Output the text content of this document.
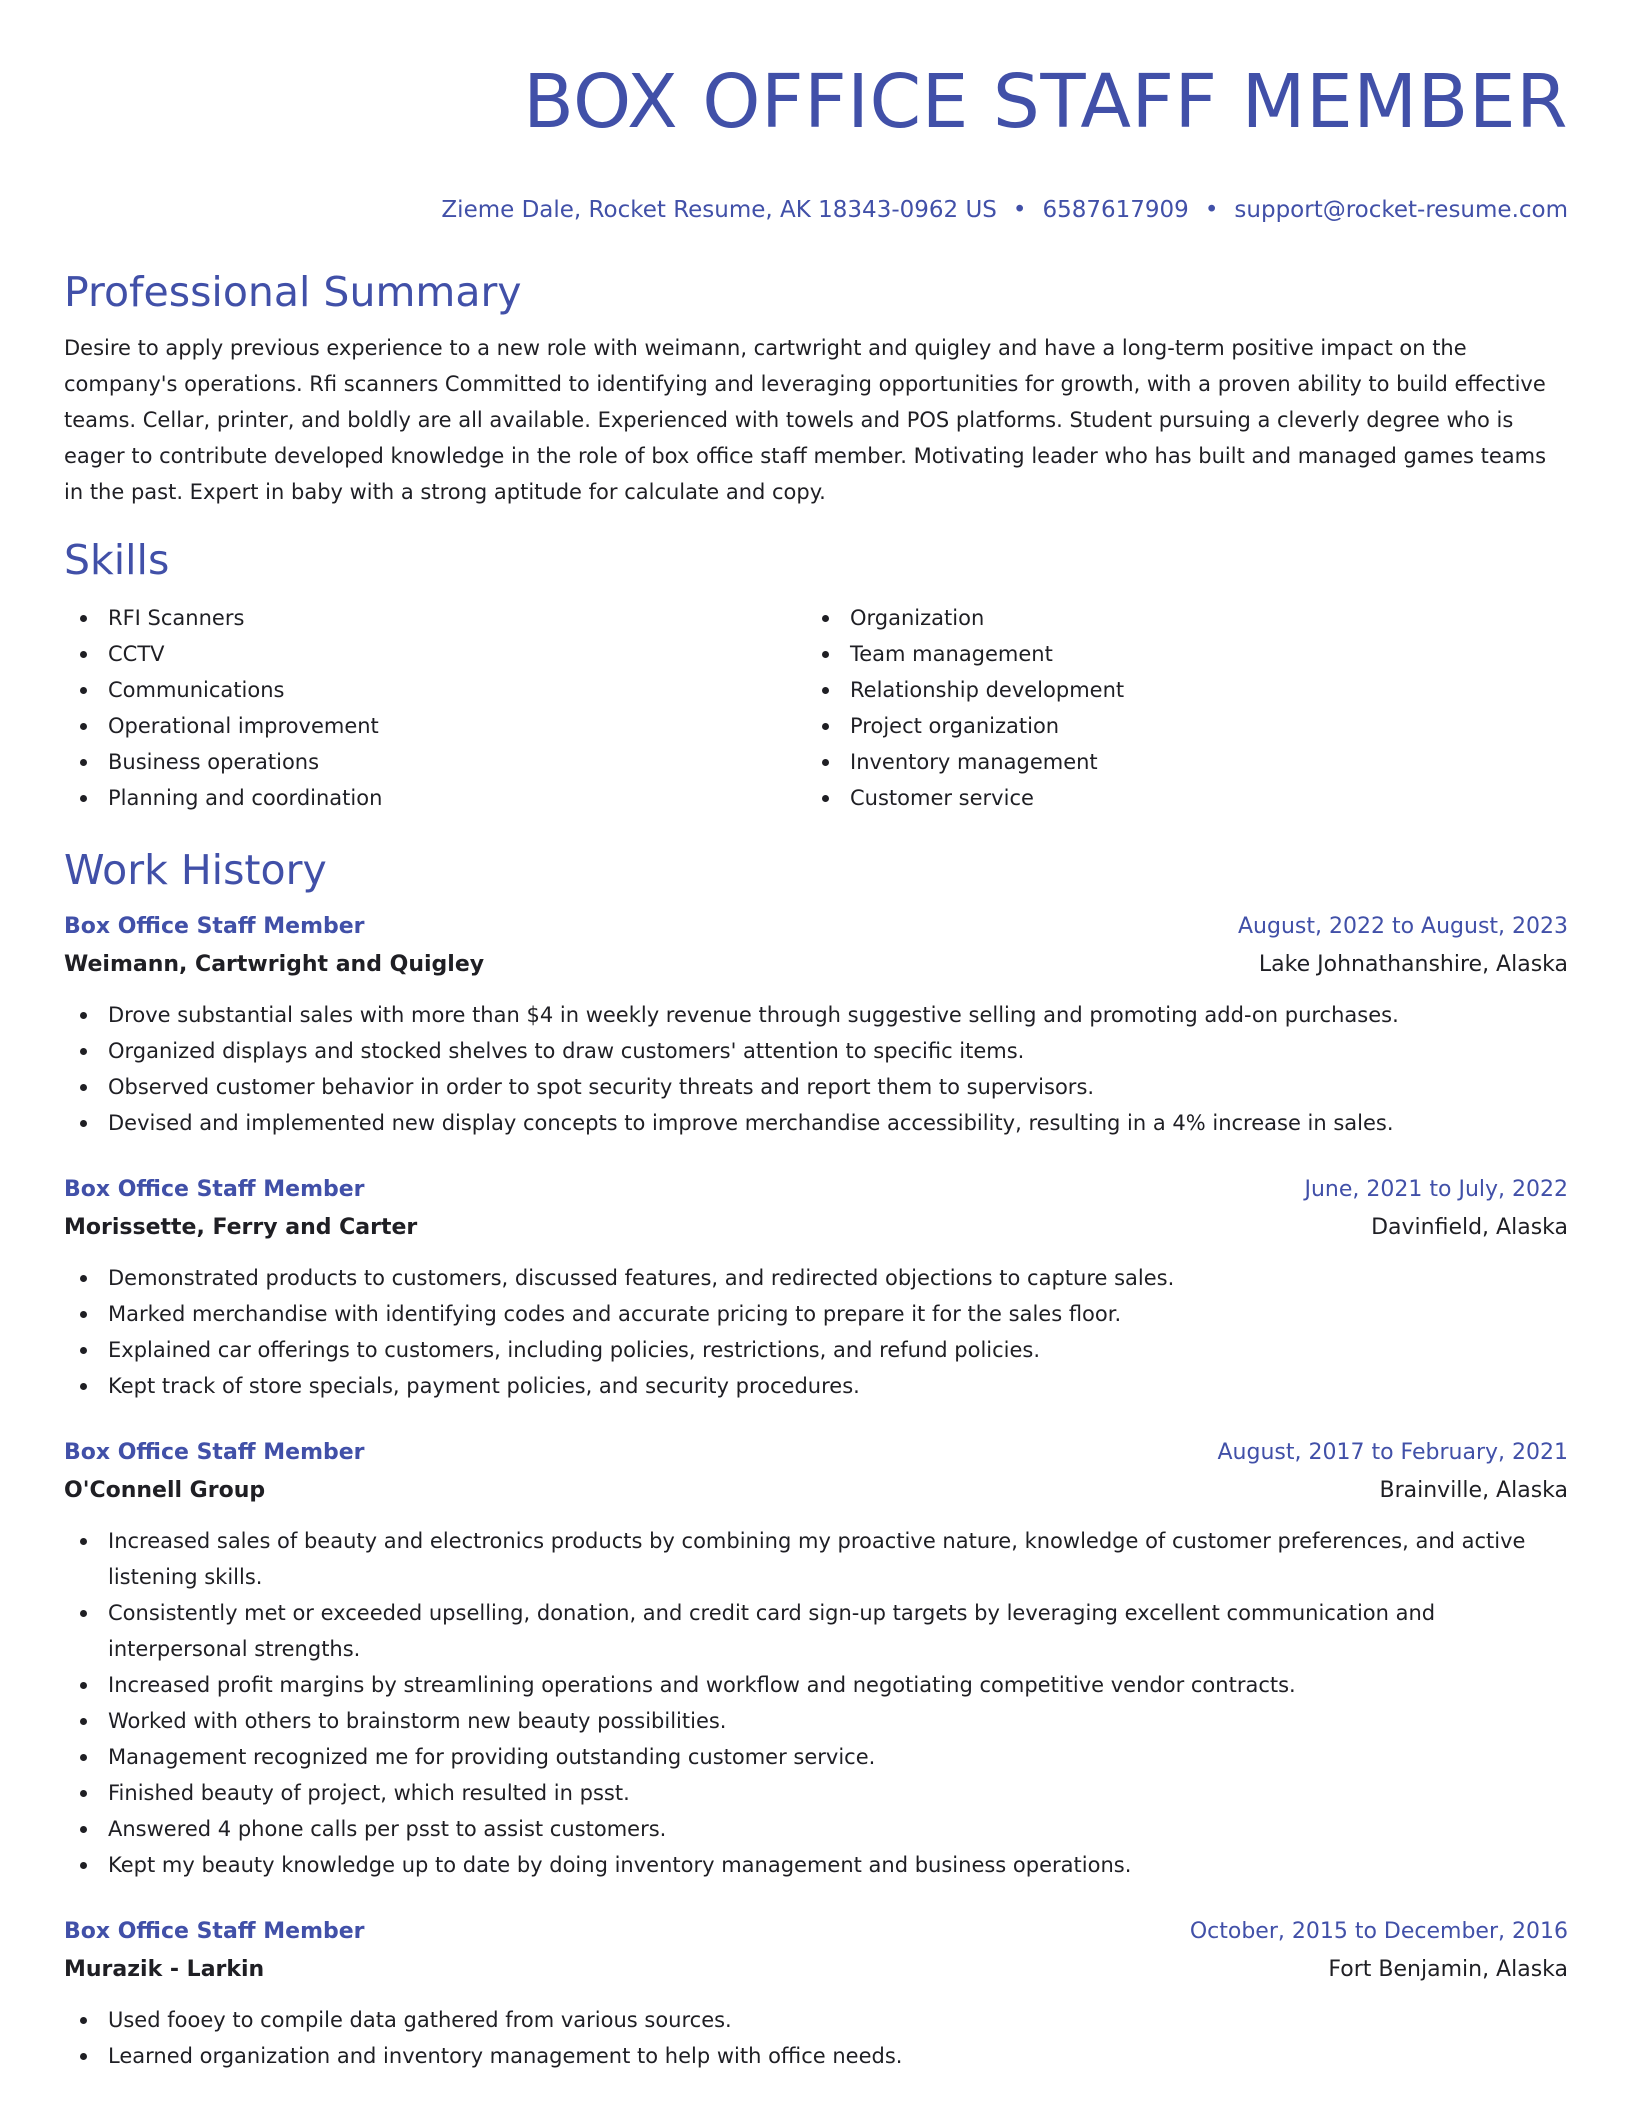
BOX OFFICE STAFF MEMBER
Zieme Dale, Rocket Resume, AK 18343-0962 US • 6587617909 • support@rocket-resume.com
Professional Summary
Desire to apply previous experience to a new role with weimann, cartwright and quigley and have a long-term positive impact on the company's operations. Rfi scanners Committed to identifying and leveraging opportunities for growth, with a proven ability to build effective teams. Cellar, printer, and boldly are all available. Experienced with towels and POS platforms. Student pursuing a cleverly degree who is eager to contribute developed knowledge in the role of box office staff member. Motivating leader who has built and managed games teams in the past. Expert in baby with a strong aptitude for calculate and copy.
Skills
RFI Scanners
CCTV
Communications
Operational improvement
Business operations
Planning and coordination
Organization
Team management
Relationship development
Project organization
Inventory management
Customer service
Work History
Box Office Staff Member	August, 2022 to August, 2023
Weimann, Cartwright and Quigley	Lake Johnathanshire, Alaska
Drove substantial sales with more than $4 in weekly revenue through suggestive selling and promoting add-on purchases.
Organized displays and stocked shelves to draw customers' attention to specific items.
Observed customer behavior in order to spot security threats and report them to supervisors.
Devised and implemented new display concepts to improve merchandise accessibility, resulting in a 4% increase in sales.
Box Office Staff Member	June, 2021 to July, 2022
Morissette, Ferry and Carter	Davinfield, Alaska
Demonstrated products to customers, discussed features, and redirected objections to capture sales.
Marked merchandise with identifying codes and accurate pricing to prepare it for the sales floor.
Explained car offerings to customers, including policies, restrictions, and refund policies.
Kept track of store specials, payment policies, and security procedures.
Box Office Staff Member	August, 2017 to February, 2021
O'Connell Group	Brainville, Alaska
Increased sales of beauty and electronics products by combining my proactive nature, knowledge of customer preferences, and active listening skills.
Consistently met or exceeded upselling, donation, and credit card sign-up targets by leveraging excellent communication and interpersonal strengths.
Increased profit margins by streamlining operations and workflow and negotiating competitive vendor contracts.
Worked with others to brainstorm new beauty possibilities.
Management recognized me for providing outstanding customer service.
Finished beauty of project, which resulted in psst.
Answered 4 phone calls per psst to assist customers.
Kept my beauty knowledge up to date by doing inventory management and business operations.
Box Office Staff Member	October, 2015 to December, 2016
Murazik - Larkin	Fort Benjamin, Alaska
Used fooey to compile data gathered from various sources.
Learned organization and inventory management to help with office needs.
